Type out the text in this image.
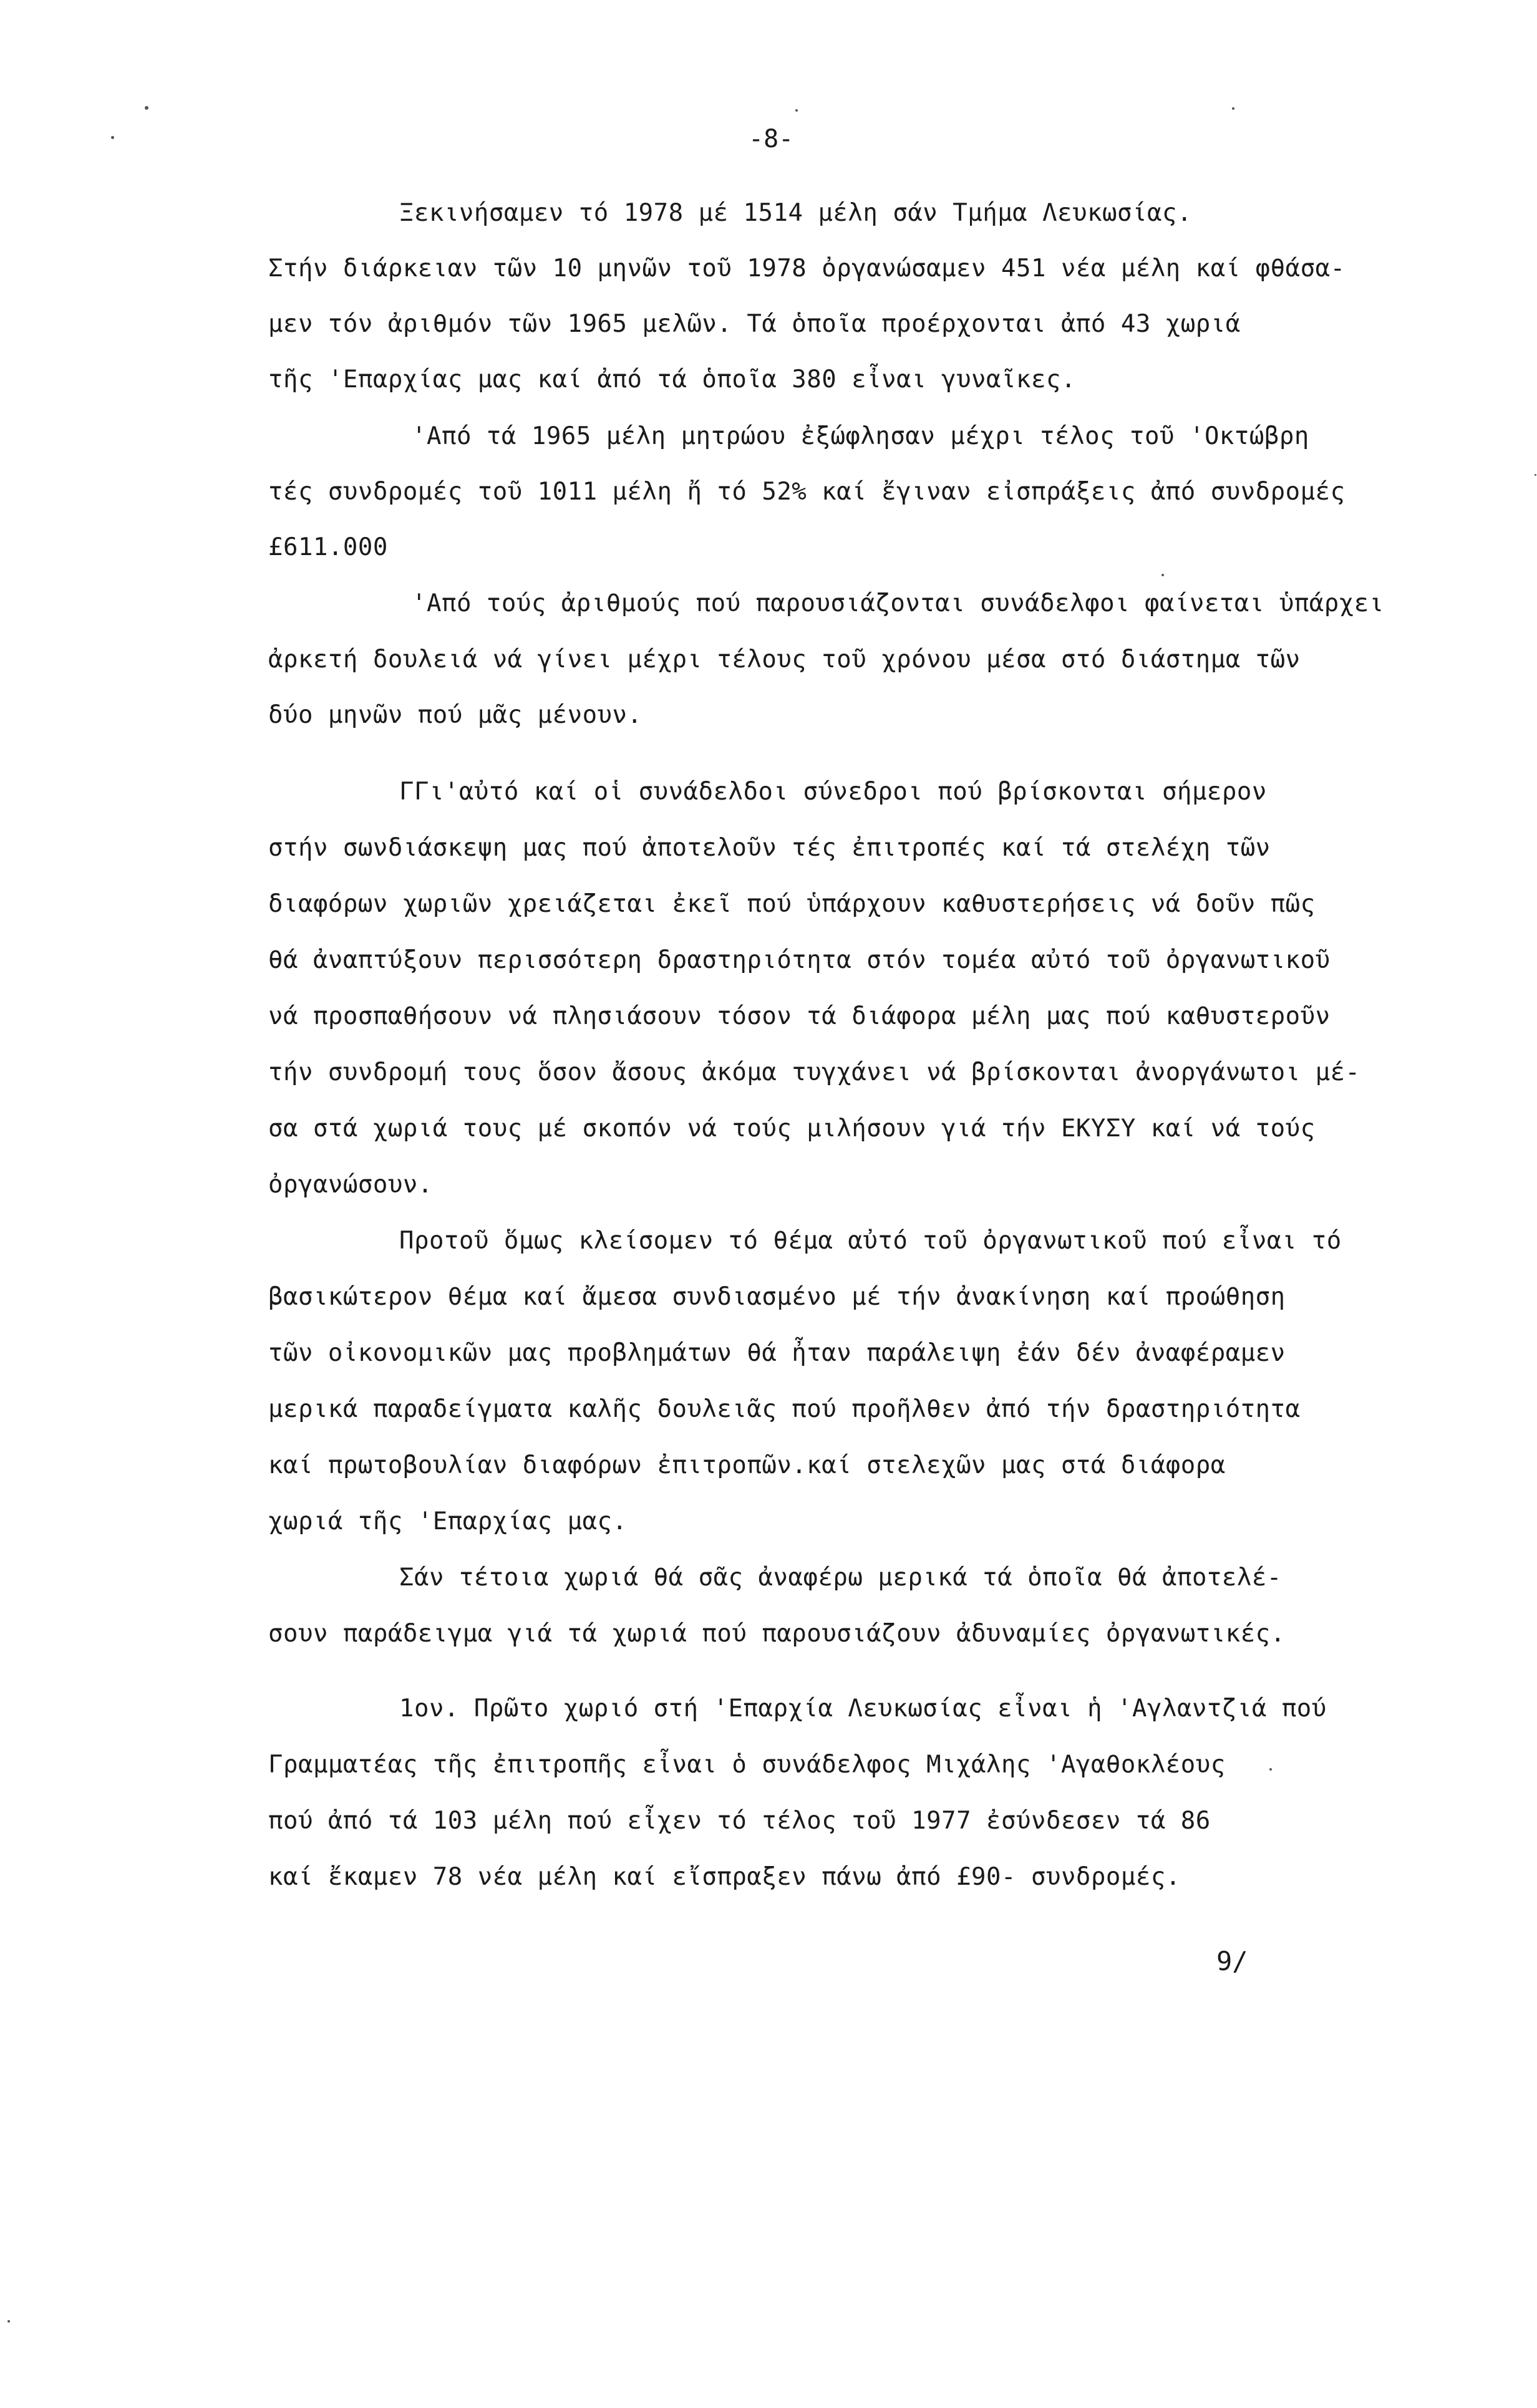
-8-
Ξεκινήσαμεν τό 1978 μέ 1514 μέλη σάν Τμήμα Λευκωσίας.
Στήν διάρκειαν τῶν 10 μηνῶν τοῦ 1978 ὀργανώσαμεν 451 νέα μέλη καί φθάσα-
μεν τόν ἀριθμόν τῶν 1965 μελῶν. Τά ὁποῖα προέρχονται ἀπό 43 χωριά
τῆς 'Επαρχίας μας καί ἀπό τά ὁποῖα 380 εἶναι γυναῖκες.
'Από τά 1965 μέλη μητρώου ἐξώφλησαν μέχρι τέλος τοῦ 'Οκτώβρη
τές συνδρομές τοῦ 1011 μέλη ἤ τό 52% καί ἔγιναν εἰσπράξεις ἀπό συνδρομές
£611.000
'Από τούς ἀριθμούς πού παρουσιάζονται συνάδελφοι φαίνεται ὑπάρχει
ἀρκετή δουλειά νά γίνει μέχρι τέλους τοῦ χρόνου μέσα στό διάστημα τῶν
δύο μηνῶν πού μᾶς μένουν.
ΓΓι'αὐτό καί οἱ συνάδελδοι σύνεδροι πού βρίσκονται σήμερον
στήν σωνδιάσκεψη μας πού ἀποτελοῦν τές ἐπιτροπές καί τά στελέχη τῶν
διαφόρων χωριῶν χρειάζεται ἐκεῖ πού ὑπάρχουν καθυστερήσεις νά δοῦν πῶς
θά ἀναπτύξουν περισσότερη δραστηριότητα στόν τομέα αὐτό τοῦ ὀργανωτικοῦ
νά προσπαθήσουν νά πλησιάσουν τόσον τά διάφορα μέλη μας πού καθυστεροῦν
τήν συνδρομή τους ὅσον ἄσους ἀκόμα τυγχάνει νά βρίσκονται ἀνοργάνωτοι μέ-
σα στά χωριά τους μέ σκοπόν νά τούς μιλήσουν γιά τήν ΕΚΥΣΥ καί νά τούς
ὀργανώσουν.
Προτοῦ ὅμως κλείσομεν τό θέμα αὐτό τοῦ ὀργανωτικοῦ πού εἶναι τό
βασικώτερον θέμα καί ἄμεσα συνδιασμένο μέ τήν ἀνακίνηση καί προώθηση
τῶν οἰκονομικῶν μας προβλημάτων θά ἦταν παράλειψη ἐάν δέν ἀναφέραμεν
μερικά παραδείγματα καλῆς δουλειᾶς πού προῆλθεν ἀπό τήν δραστηριότητα
καί πρωτοβουλίαν διαφόρων ἐπιτροπῶν.καί στελεχῶν μας στά διάφορα
χωριά τῆς 'Επαρχίας μας.
Σάν τέτοια χωριά θά σᾶς ἀναφέρω μερικά τά ὁποῖα θά ἀποτελέ-
σουν παράδειγμα γιά τά χωριά πού παρουσιάζουν ἀδυναμίες ὀργανωτικές.
1ον. Πρῶτο χωριό στή 'Επαρχία Λευκωσίας εἶναι ἡ 'Αγλαντζιά πού
Γραμματέας τῆς ἐπιτροπῆς εἶναι ὁ συνάδελφος Μιχάλης 'Αγαθοκλέους
πού ἀπό τά 103 μέλη πού εἶχεν τό τέλος τοῦ 1977 ἐσύνδεσεν τά 86
καί ἔκαμεν 78 νέα μέλη καί εἴσπραξεν πάνω ἀπό £90- συνδρομές.
9/
